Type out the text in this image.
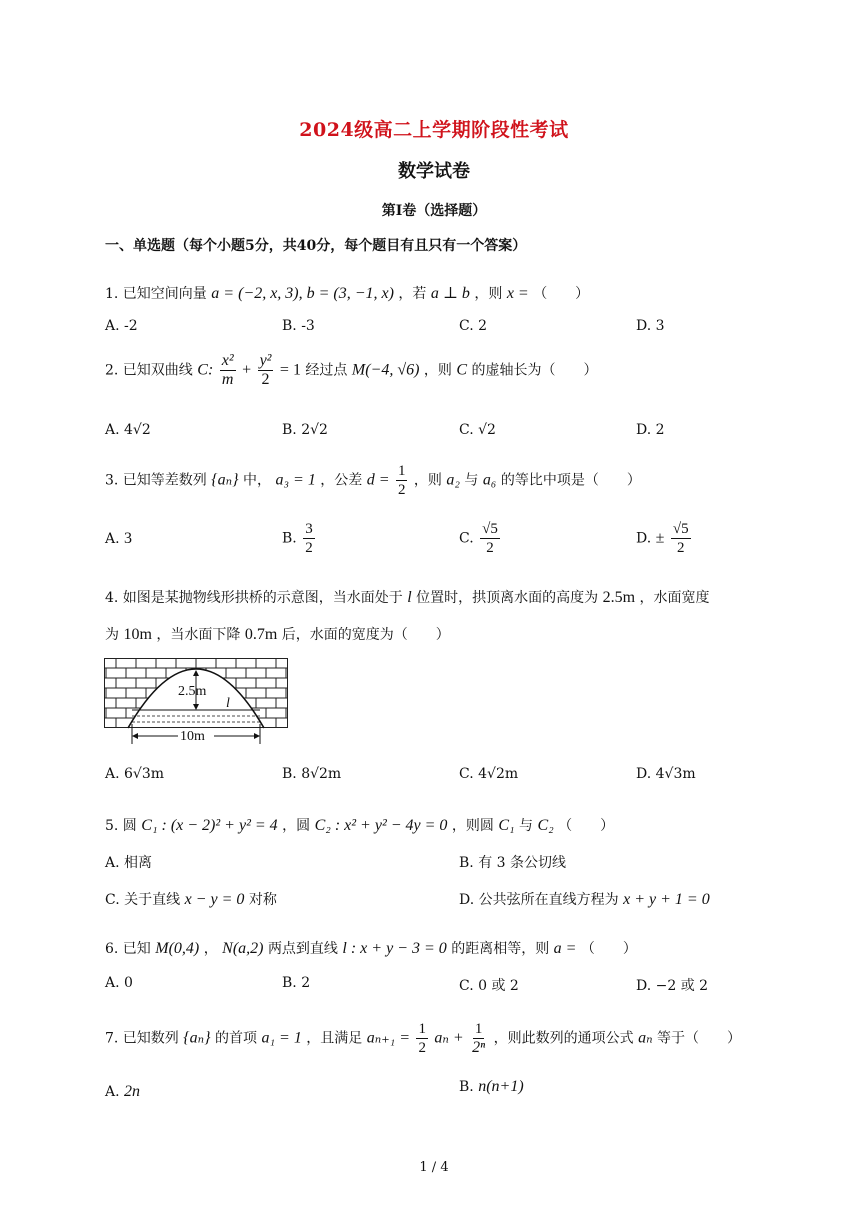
2024级高二上学期阶段性考试
数学试卷
第I卷（选择题）
一、单选题（每个小题5分，共40分，每个题目有且只有一个答案）
1. 已知空间向量 a = (−2, x, 3), b = (3, −1, x) ，若 a ⊥ b ，则 x = （　　）
A. -2	B. -3	C. 2	D. 3
2. 已知双曲线 C: $\frac{\text{x²}}{m} + \frac{\text{y²}}{2} = 1$ 经过点 M(−4, √6) ，则 C 的虚轴长为（　　）
A. 4√2	B. 2√2	C. √2	D. 2
3. 已知等差数列 {aₙ} 中， a₃ = 1 ，公差 $d = \frac{1}{2}$ ，则 a₂ 与 a₆ 的等比中项是（　　）
A. 3	B. $\frac{3}{2}$	C. $\frac{√5}{2}$	D. ± $\frac{√5}{2}$
4. 如图是某抛物线形拱桥的示意图，当水面处于 l 位置时，拱顶离水面的高度为 2.5m ，水面宽度
为 10m ，当水面下降 0.7m 后，水面的宽度为（　　）
2.5m
l
10m
A. 6√3m	B. 8√2m	C. 4√2m	D. 4√3m
5. 圆 C₁ : (x − 2)² + y² = 4 ，圆 C₂ : x² + y² − 4y = 0 ，则圆 C₁ 与 C₂ （　　）
A. 相离	B. 有 3 条公切线
C. 关于直线 x − y = 0 对称	D. 公共弦所在直线方程为 x + y + 1 = 0
6. 已知 M(0,4) ， N(a,2) 两点到直线 l : x + y − 3 = 0 的距离相等，则 a = （　　）
A. 0	B. 2	C. 0 或 2	D. −2 或 2
7. 已知数列 {aₙ} 的首项 a₁ = 1 ，且满足 $a_{n+1} = \frac{1}{2}$ $a_n + \frac{1}{\text{2ⁿ}}$ ，则此数列的通项公式 aₙ 等于（　　）
A. 2n	B. n(n+1)
1 / 4
